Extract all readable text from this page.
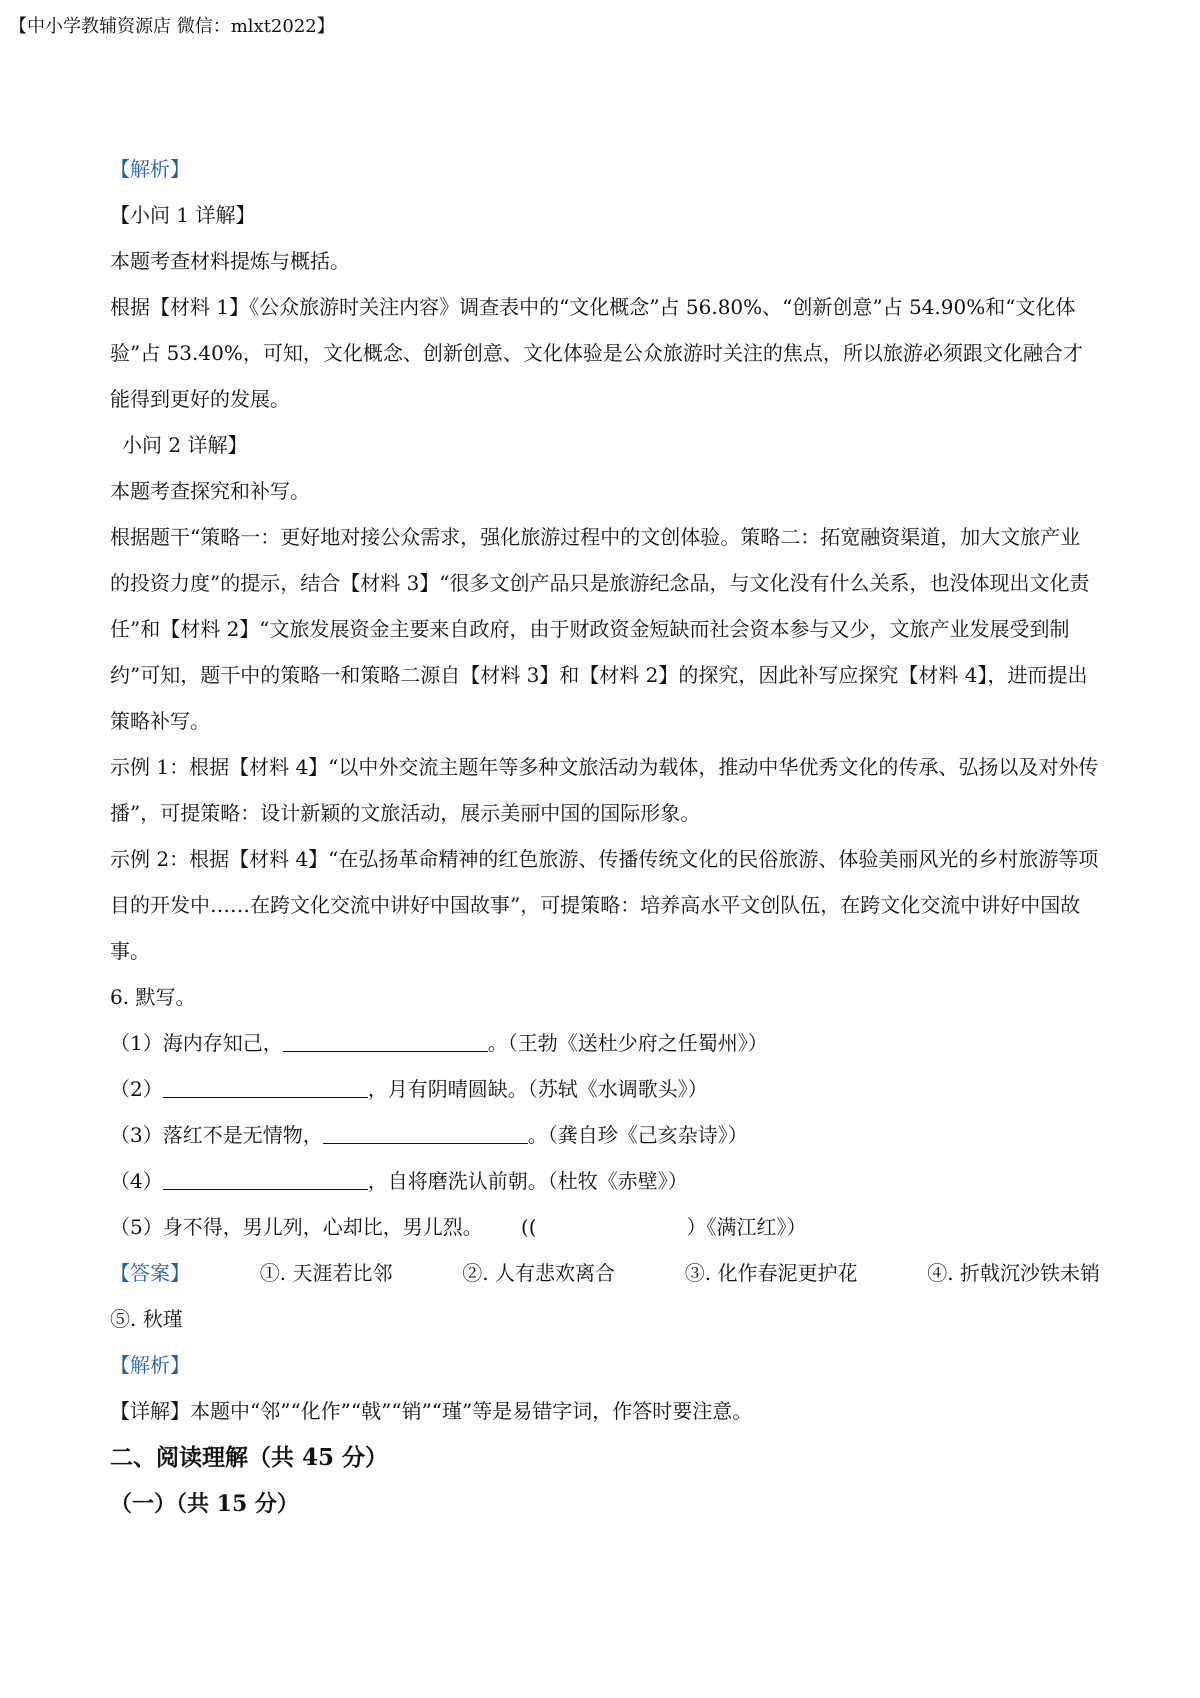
【中小学教辅资源店 微信：mlxt2022】

【解析】

【小问 1 详解】

本题考查材料提炼与概括。

根据【材料 1】《公众旅游时关注内容》调查表中的“文化概念”占 56.80%、“创新创意”占 54.90%和“文化体验”占 53.40%，可知，文化概念、创新创意、文化体验是公众旅游时关注的焦点，所以旅游必须跟文化融合才能得到更好的发展。

小问 2 详解】

本题考查探究和补写。

根据题干“策略一：更好地对接公众需求，强化旅游过程中的文创体验。策略二：拓宽融资渠道，加大文旅产业的投资力度”的提示，结合【材料 3】“很多文创产品只是旅游纪念品，与文化没有什么关系，也没体现出文化责任”和【材料 2】“文旅发展资金主要来自政府，由于财政资金短缺而社会资本参与又少，文旅产业发展受到制约”可知，题干中的策略一和策略二源自【材料 3】和【材料 2】的探究，因此补写应探究【材料 4】，进而提出策略补写。

示例 1：根据【材料 4】“以中外交流主题年等多种文旅活动为载体，推动中华优秀文化的传承、弘扬以及对外传播”，可提策略：设计新颖的文旅活动，展示美丽中国的国际形象。

示例 2：根据【材料 4】“在弘扬革命精神的红色旅游、传播传统文化的民俗旅游、体验美丽风光的乡村旅游等项目的开发中……在跨文化交流中讲好中国故事”，可提策略：培养高水平文创队伍，在跨文化交流中讲好中国故事。

6. 默写。

（1）海内存知己，	。（王勃《送杜少府之任蜀州》）

（2）	，月有阴晴圆缺。（苏轼《水调歌头》）

（3）落红不是无情物，	。（龚自珍《己亥杂诗》）

（4）	，自将磨洗认前朝。（杜牧《赤壁》）

（5）身不得，男儿列，心却比，男儿烈。 ((	）《满江红》）

【答案】	①. 天涯若比邻	②. 人有悲欢离合	③. 化作春泥更护花	④. 折戟沉沙铁未销

⑤. 秋瑾

【解析】

【详解】本题中“邻”“化作”“戟”“销”“瑾”等是易错字词，作答时要注意。

二、阅读理解（共 45 分）

（一）（共 15 分）
